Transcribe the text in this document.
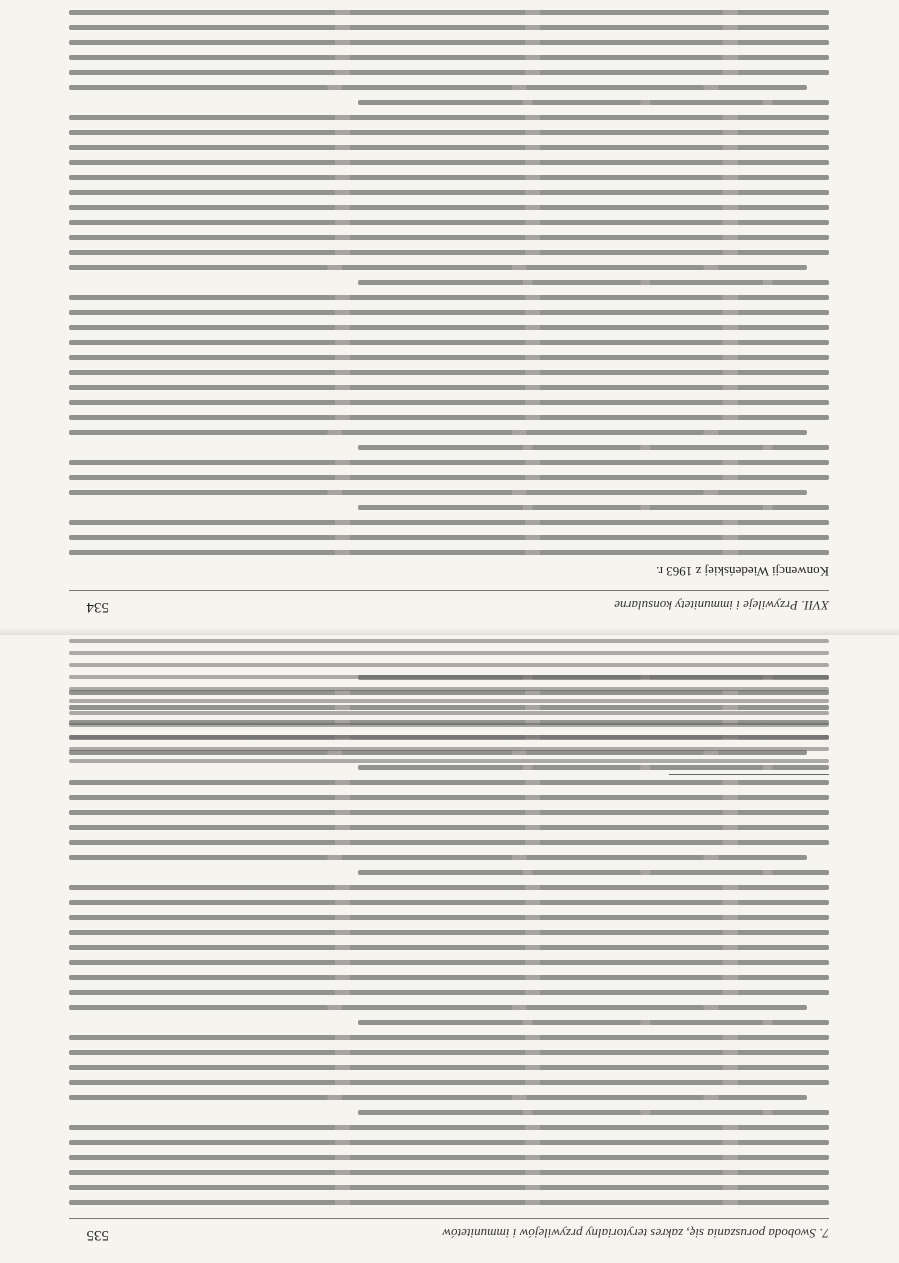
7. Swoboda poruszania się, zakres terytorialny przywilejów i immunitetów
535
XVII. Przywileje i immunitety konsularne
534
Konwencji Wiedeńskiej z 1963 r.
